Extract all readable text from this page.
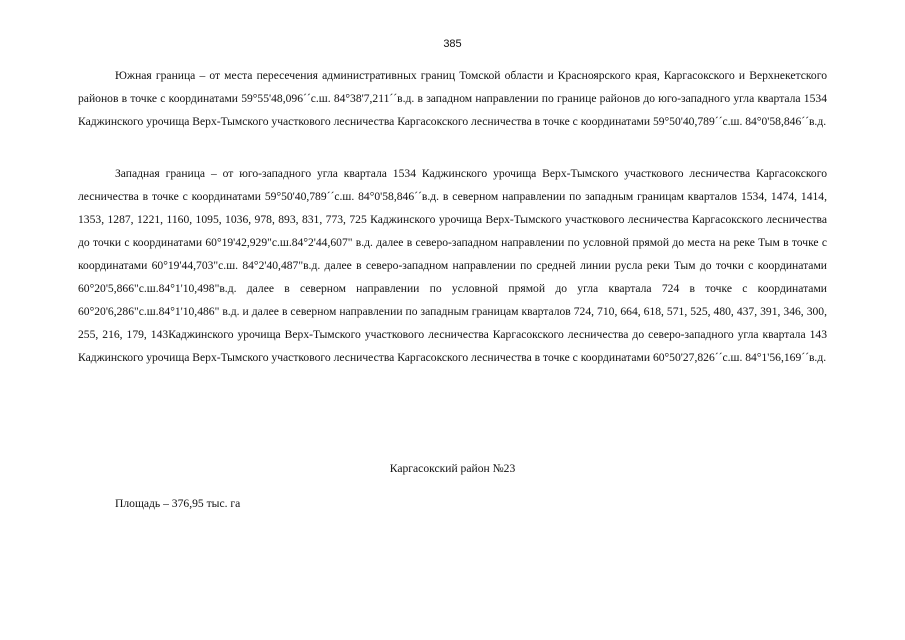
385

Южная граница – от места пересечения административных границ Томской области и Красноярского края, Каргасокского и Верхнекетского районов в точке с координатами 59°55'48,096´´с.ш. 84°38'7,211´´в.д. в западном направлении по границе районов до юго-западного угла квартала 1534 Каджинского урочища Верх-Тымского участкового лесничества Каргасокского лесничества в точке с координатами 59°50'40,789´´с.ш. 84°0'58,846´´в.д.

Западная граница – от юго-западного угла квартала 1534 Каджинского урочища Верх-Тымского участкового лесничества Каргасокского лесничества в точке с координатами 59°50'40,789´´с.ш. 84°0'58,846´´в.д. в северном направлении по западным границам кварталов 1534, 1474, 1414, 1353, 1287, 1221, 1160, 1095, 1036, 978, 893, 831, 773, 725 Каджинского урочища Верх-Тымского участкового лесничества Каргасокского лесничества до точки с координатами 60°19'42,929"с.ш.84°2'44,607" в.д. далее в северо-западном направлении по условной прямой до места на реке Тым в точке с координатами 60°19'44,703"с.ш. 84°2'40,487"в.д. далее в северо-западном направлении по средней линии русла реки Тым до точки с координатами 60°20'5,866"с.ш.84°1'10,498"в.д. далее в северном направлении по условной прямой до угла квартала 724 в точке с координатами 60°20'6,286"с.ш.84°1'10,486" в.д. и далее в северном направлении по западным границам кварталов 724, 710, 664, 618, 571, 525, 480, 437, 391, 346, 300, 255, 216, 179, 143Каджинского урочища Верх-Тымского участкового лесничества Каргасокского лесничества до северо-западного угла квартала 143 Каджинского урочища Верх-Тымского участкового лесничества Каргасокского лесничества в точке с координатами 60°50'27,826´´с.ш. 84°1'56,169´´в.д.

Каргасокский район №23
Площадь – 376,95 тыс. га
